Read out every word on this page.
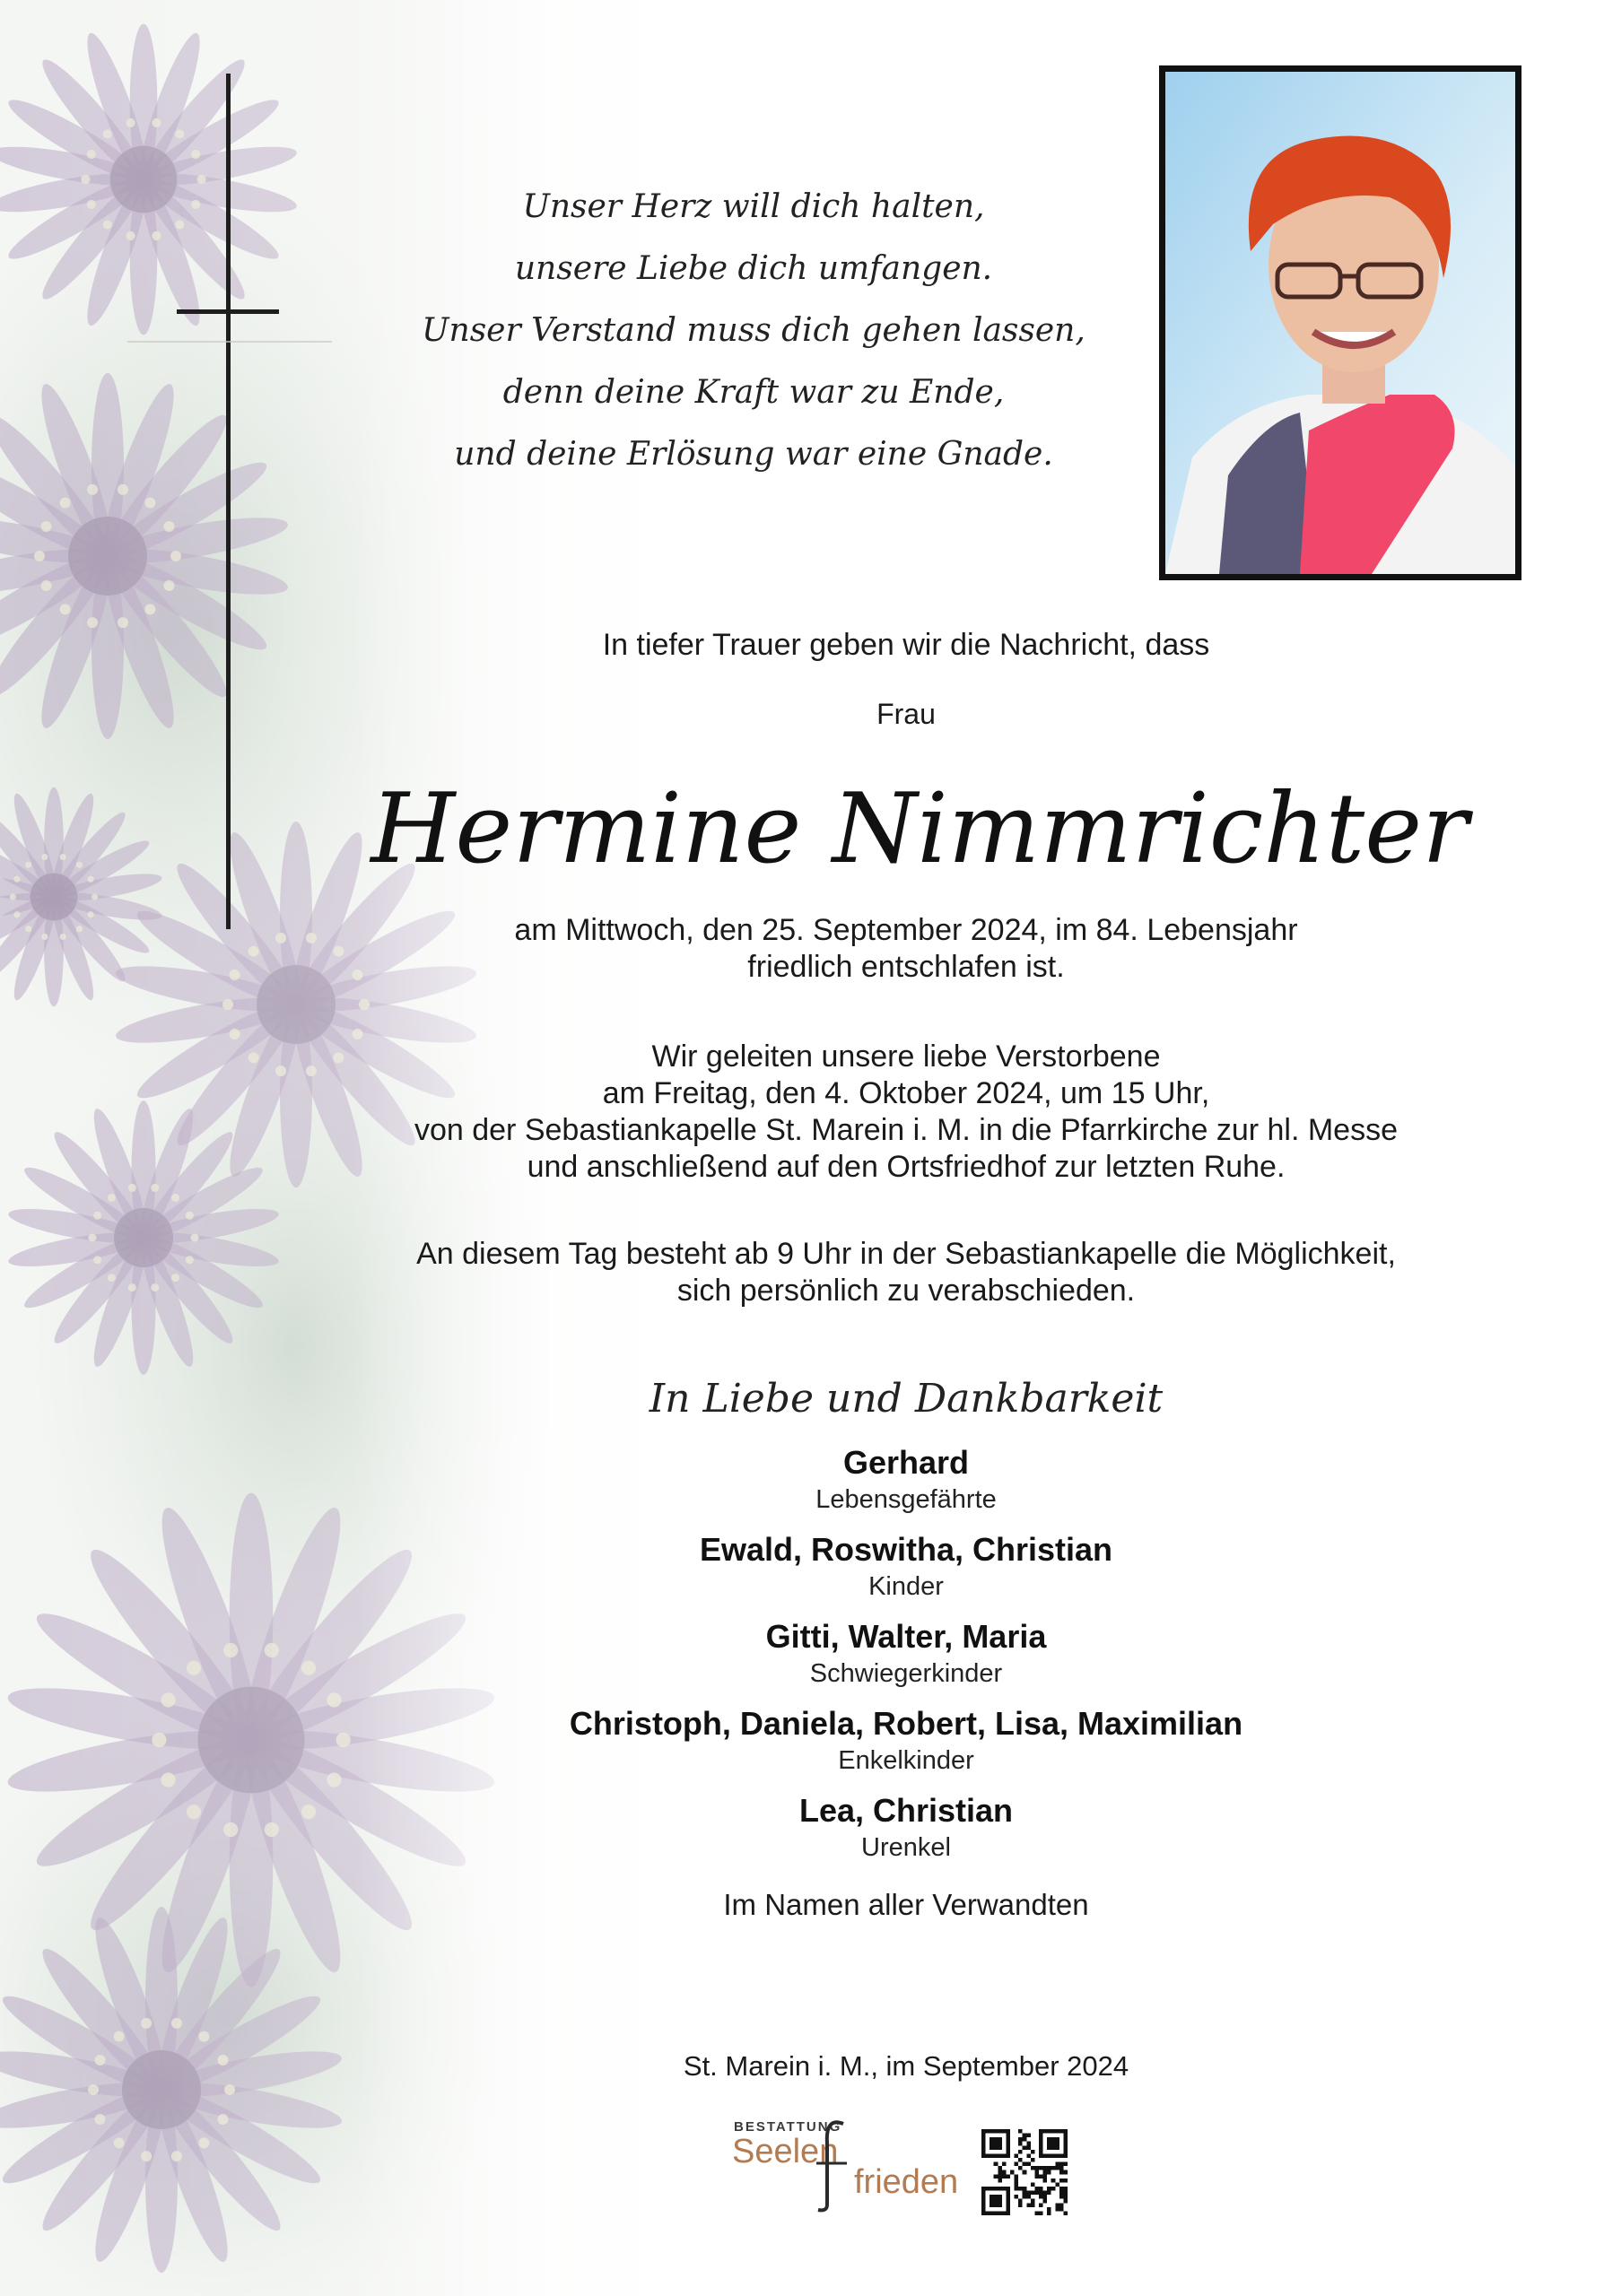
Unser Herz will dich halten,
unsere Liebe dich umfangen.
Unser Verstand muss dich gehen lassen,
denn deine Kraft war zu Ende,
und deine Erlösung war eine Gnade.
In tiefer Trauer geben wir die Nachricht, dass
Frau
Hermine Nimmrichter
am Mittwoch, den 25. September 2024, im 84. Lebensjahr
friedlich entschlafen ist.
Wir geleiten unsere liebe Verstorbene
am Freitag, den 4. Oktober 2024, um 15 Uhr,
von der Sebastiankapelle St. Marein i. M. in die Pfarrkirche zur hl. Messe
und anschließend auf den Ortsfriedhof zur letzten Ruhe.
An diesem Tag besteht ab 9 Uhr in der Sebastiankapelle die Möglichkeit,
sich persönlich zu verabschieden.
In Liebe und Dankbarkeit
Gerhard
Lebensgefährte
Ewald, Roswitha, Christian
Kinder
Gitti, Walter, Maria
Schwiegerkinder
Christoph, Daniela, Robert, Lisa, Maximilian
Enkelkinder
Lea, Christian
Urenkel
Im Namen aller Verwandten
St. Marein i. M., im September 2024
BESTATTUNG
Seelen
frieden
